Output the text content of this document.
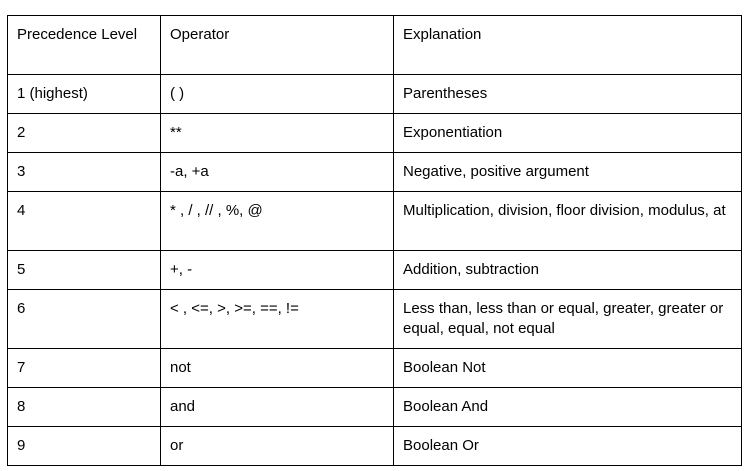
Precedence Level	Operator	Explanation
1 (highest)	( )	Parentheses
2	**	Exponentiation
3	-a, +a	Negative, positive argument
4	* , / , // , %, @	Multiplication, division, floor division, modulus, at
5	+, -	Addition, subtraction
6	< , <=, >, >=, ==, !=	Less than, less than or equal, greater, greater or equal, equal, not equal
7	not	Boolean Not
8	and	Boolean And
9	or	Boolean Or
